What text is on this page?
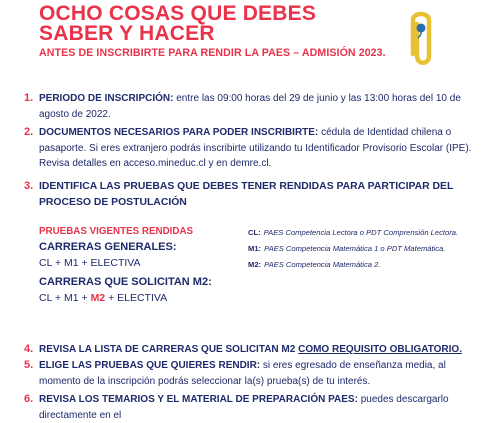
OCHO COSAS QUE DEBES
SABER Y HACER
ANTES DE INSCRIBIRTE PARA RENDIR LA PAES – ADMISIÓN 2023.
1. PERIODO DE INSCRIPCIÓN: entre las 09:00 horas del 29 de junio y las 13:00 horas del 10 de agosto de 2022.
2. DOCUMENTOS NECESARIOS PARA PODER INSCRIBIRTE: cédula de Identidad chilena o pasaporte. Si eres extranjero podrás inscribirte utilizando tu Identificador Provisorio Escolar (IPE). Revisa detalles en acceso.mineduc.cl y en demre.cl.
3. IDENTIFICA LAS PRUEBAS QUE DEBES TENER RENDIDAS PARA PARTICIPAR DEL PROCESO DE POSTULACIÓN
PRUEBAS VIGENTES RENDIDAS
CARRERAS GENERALES:
CL + M1 + ELECTIVA
CARRERAS QUE SOLICITAN M2:
CL + M1 + M2 + ELECTIVA
CL: PAES Competencia Lectora o PDT Comprensión Lectora.
M1: PAES Competencia Matemática 1 o PDT Matemática.
M2: PAES Competencia Matemática 2.
4. REVISA LA LISTA DE CARRERAS QUE SOLICITAN M2 COMO REQUISITO OBLIGATORIO.
5. ELIGE LAS PRUEBAS QUE QUIERES RENDIR: si eres egresado de enseñanza media, al momento de la inscripción podrás seleccionar la(s) prueba(s) de tu interés.
6. REVISA LOS TEMARIOS Y EL MATERIAL DE PREPARACIÓN PAES: puedes descargarlo directamente en el
